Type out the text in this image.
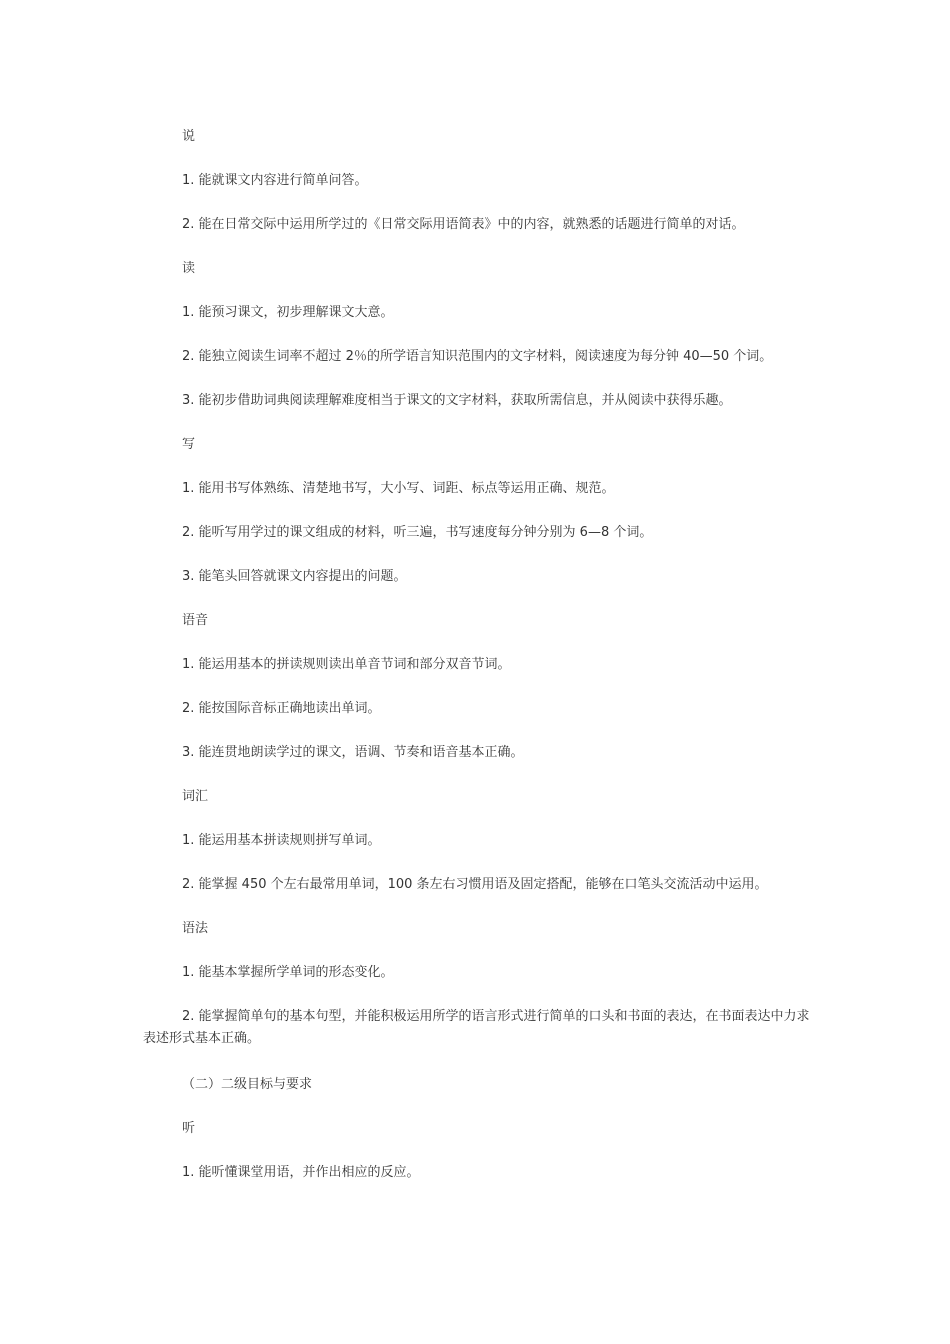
说
1. 能就课文内容进行简单问答。
2. 能在日常交际中运用所学过的《日常交际用语简表》中的内容，就熟悉的话题进行简单的对话。
读
1. 能预习课文，初步理解课文大意。
2. 能独立阅读生词率不超过 2％的所学语言知识范围内的文字材料，阅读速度为每分钟 40—50 个词。
3. 能初步借助词典阅读理解难度相当于课文的文字材料，获取所需信息，并从阅读中获得乐趣。
写
1. 能用书写体熟练、清楚地书写，大小写、词距、标点等运用正确、规范。
2. 能听写用学过的课文组成的材料，听三遍，书写速度每分钟分别为 6—8 个词。
3. 能笔头回答就课文内容提出的问题。
语音
1. 能运用基本的拼读规则读出单音节词和部分双音节词。
2. 能按国际音标正确地读出单词。
3. 能连贯地朗读学过的课文，语调、节奏和语音基本正确。
词汇
1. 能运用基本拼读规则拼写单词。
2. 能掌握 450 个左右最常用单词，100 条左右习惯用语及固定搭配，能够在口笔头交流活动中运用。
语法
1. 能基本掌握所学单词的形态变化。
2. 能掌握简单句的基本句型，并能积极运用所学的语言形式进行简单的口头和书面的表达，在书面表达中力求表述形式基本正确。
（二）二级目标与要求
听
1. 能听懂课堂用语，并作出相应的反应。
